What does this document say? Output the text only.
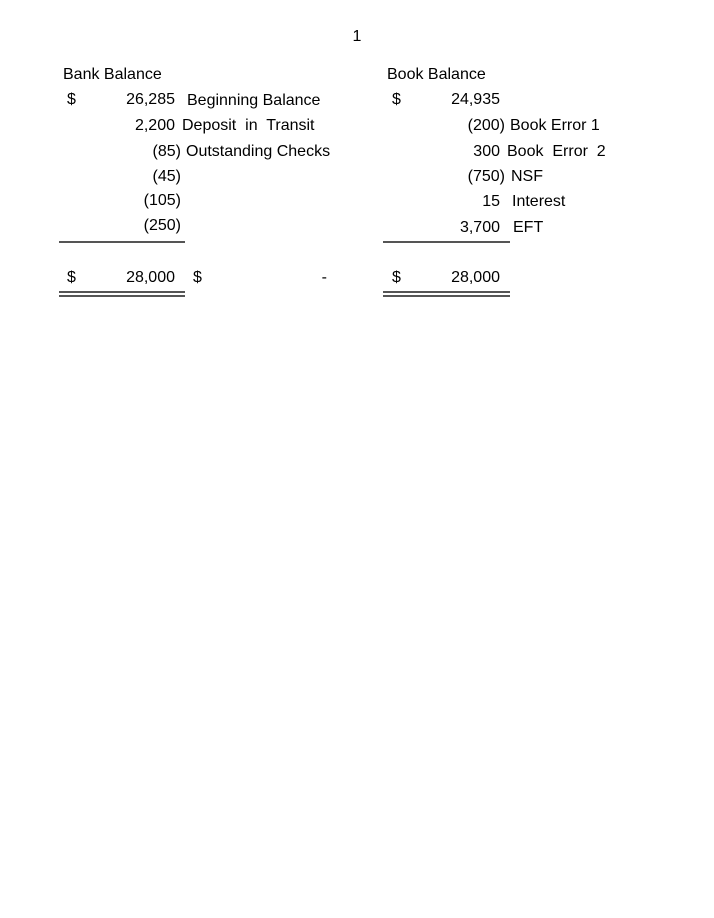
1
Bank Balance
$	26,285 Beginning Balance
2,200 Deposit  in  Transit
(85) Outstanding Checks
(45)
(105)
(250)
$	28,000 $	-
Book Balance
$	24,935
(200) Book Error 1
300 Book  Error  2
(750) NSF
15 Interest
3,700 EFT
$	28,000
